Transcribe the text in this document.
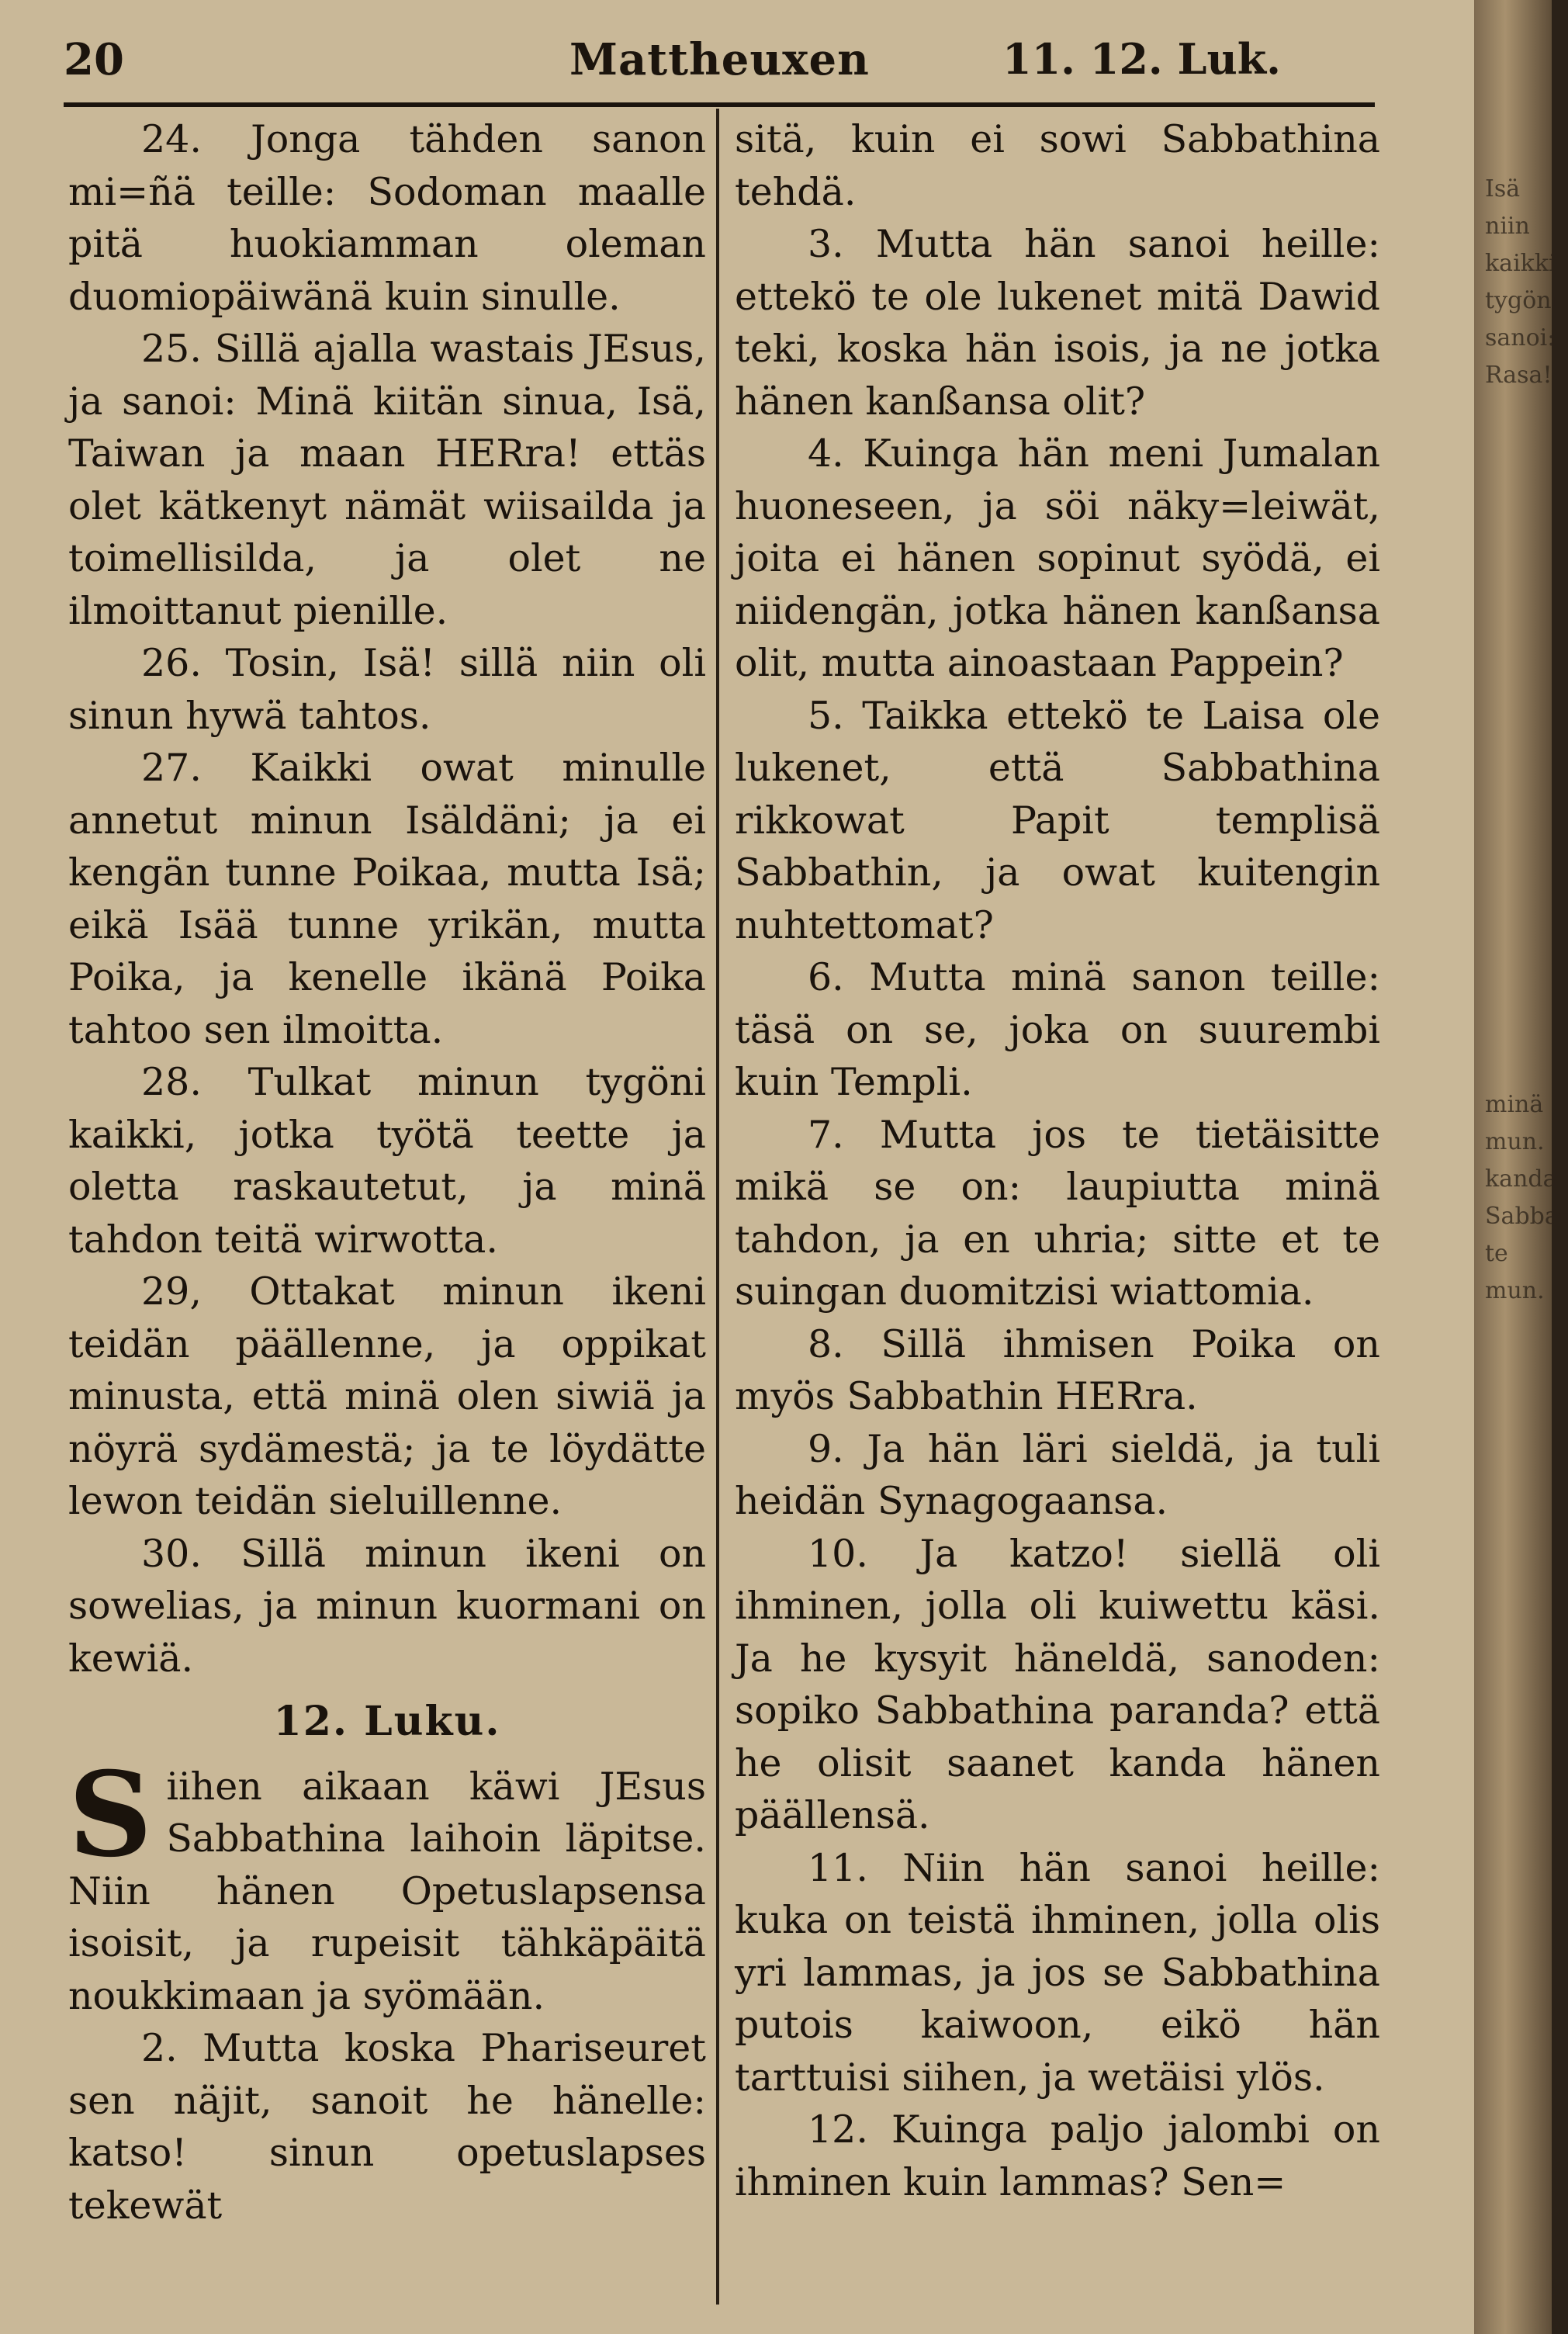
20	Mattheuxen	11. 12. Luk.

24. Jonga tähden sanon mi=ñä teille: Sodoman maalle pitä huokiamman oleman duomiopäiwänä kuin sinulle.

25. Sillä ajalla wastais JEsus, ja sanoi: Minä kiitän sinua, Isä, Taiwan ja maan HERra! ettäs olet kätkenyt nämät wiisailda ja toimellisilda, ja olet ne ilmoittanut pienille.

26. Tosin, Isä! sillä niin oli sinun hywä tahtos.

27. Kaikki owat minulle annetut minun Isäldäni; ja ei kengän tunne Poikaa, mutta Isä; eikä Isää tunne yrikän, mutta Poika, ja kenelle ikänä Poika tahtoo sen ilmoitta.

28. Tulkat minun tygöni kaikki, jotka työtä teette ja oletta raskautetut, ja minä tahdon teitä wirwotta.

29, Ottakat minun ikeni teidän päällenne, ja oppikat minusta, että minä olen siwiä ja nöyrä sydämestä; ja te löydätte lewon teidän sieluillenne.

30. Sillä minun ikeni on sowelias, ja minun kuormani on kewiä.

12. Luku.

Siihen aikaan käwi JEsus Sabbathina laihoin läpitse. Niin hänen Opetuslapsensa isoisit, ja rupeisit tähkäpäitä noukkimaan ja syömään.

2. Mutta koska Phariseuret sen näjit, sanoit he hänelle: katso! sinun opetuslapses tekewät

sitä, kuin ei sowi Sabbathina tehdä.

3. Mutta hän sanoi heille: ettekö te ole lukenet mitä Dawid teki, koska hän isois, ja ne jotka hänen kanßansa olit?

4. Kuinga hän meni Jumalan huoneseen, ja söi näky=leiwät, joita ei hänen sopinut syödä, ei niidengän, jotka hänen kanßansa olit, mutta ainoastaan Pappein?

5. Taikka ettekö te Laisa ole lukenet, että Sabbathina rikkowat Papit templisä Sabbathin, ja owat kuitengin nuhtettomat?

6. Mutta minä sanon teille: täsä on se, joka on suurembi kuin Templi.

7. Mutta jos te tietäisitte mikä se on: laupiutta minä tahdon, ja en uhria; sitte et te suingan duomitzisi wiattomia.

8. Sillä ihmisen Poika on myös Sabbathin HERra.

9. Ja hän läri sieldä, ja tuli heidän Synagogaansa.

10. Ja katzo! siellä oli ihminen, jolla oli kuiwettu käsi. Ja he kysyit häneldä, sanoden: sopiko Sabbathina paranda? että he olisit saanet kanda hänen päällensä.

11. Niin hän sanoi heille: kuka on teistä ihminen, jolla olis yri lammas, ja jos se Sabbathina putois kaiwoon, eikö hän tarttuisi siihen, ja wetäisi ylös.

12. Kuinga paljo jalombi on ihminen kuin lammas? Sen=

Isä
niin
kaikki
tygöni
sanoi:
Rasa!
minä
mun.
kanda
Sabbat
te
mun.
